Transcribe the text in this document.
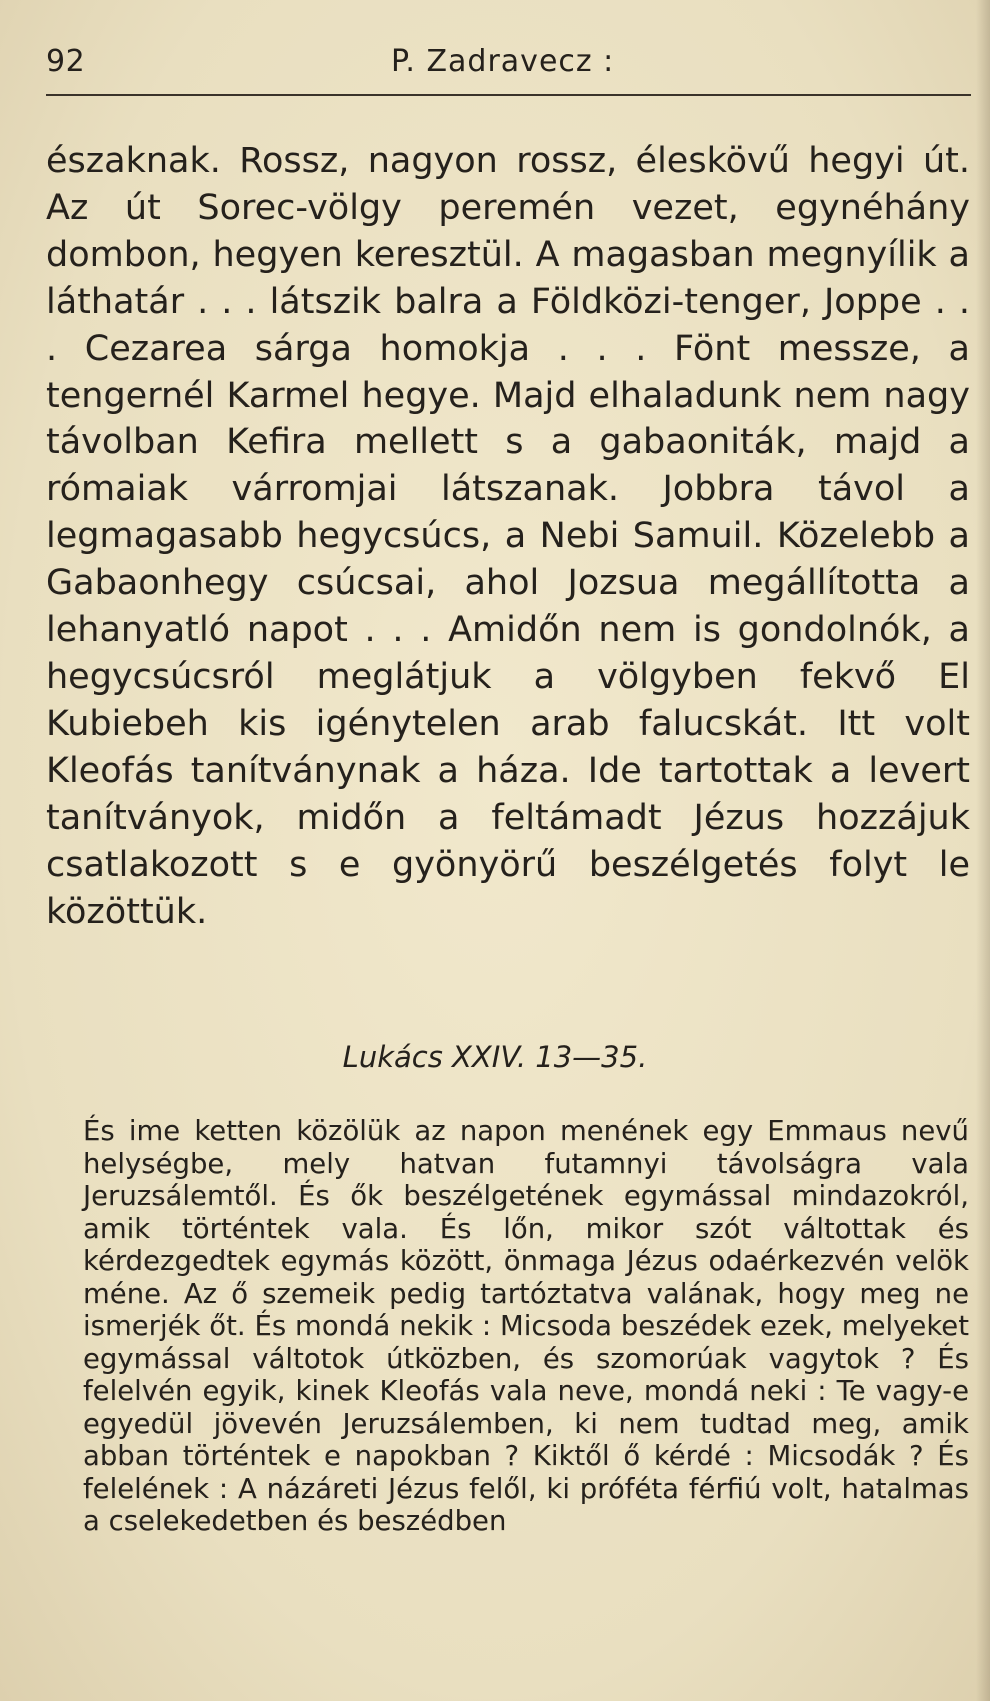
92	P. Zadravecz :

északnak. Rossz, nagyon rossz, éleskövű hegyi út. Az út Sorec-völgy peremén vezet, egynéhány dombon, hegyen keresztül. A magasban megnyílik a láthatár . . . látszik balra a Földközi-tenger, Joppe . . . Cezarea sárga homokja . . . Fönt messze, a tengernél Karmel hegye. Majd elhaladunk nem nagy távolban Kefira mellett s a gabaoniták, majd a rómaiak várromjai látszanak. Jobbra távol a legmagasabb hegycsúcs, a Nebi Samuil. Közelebb a Gabaonhegy csúcsai, ahol Jozsua megállította a lehanyatló napot . . . Amidőn nem is gondolnók, a hegycsúcsról meglátjuk a völgyben fekvő El Kubiebeh kis igénytelen arab falucskát. Itt volt Kleofás tanítványnak a háza. Ide tartottak a levert tanítványok, midőn a feltámadt Jézus hozzájuk csatlakozott s e gyönyörű beszélgetés folyt le közöttük.

Lukács XXIV. 13—35.

És ime ketten közölük az napon menének egy Emmaus nevű helységbe, mely hatvan futamnyi távolságra vala Jeruzsálemtől. És ők beszélgetének egymással mindazokról, amik történtek vala. És lőn, mikor szót váltottak és kérdezgedtek egymás között, önmaga Jézus odaérkezvén velök méne. Az ő szemeik pedig tartóztatva valának, hogy meg ne ismerjék őt. És mondá nekik : Micsoda beszédek ezek, melyeket egymással váltotok útközben, és szomorúak vagytok ? És felelvén egyik, kinek Kleofás vala neve, mondá neki : Te vagy-e egyedül jövevén Jeruzsálemben, ki nem tudtad meg, amik abban történtek e napokban ? Kiktől ő kérdé : Micsodák ? És felelének : A názáreti Jézus felől, ki próféta férfiú volt, hatalmas a cselekedetben és beszédben
